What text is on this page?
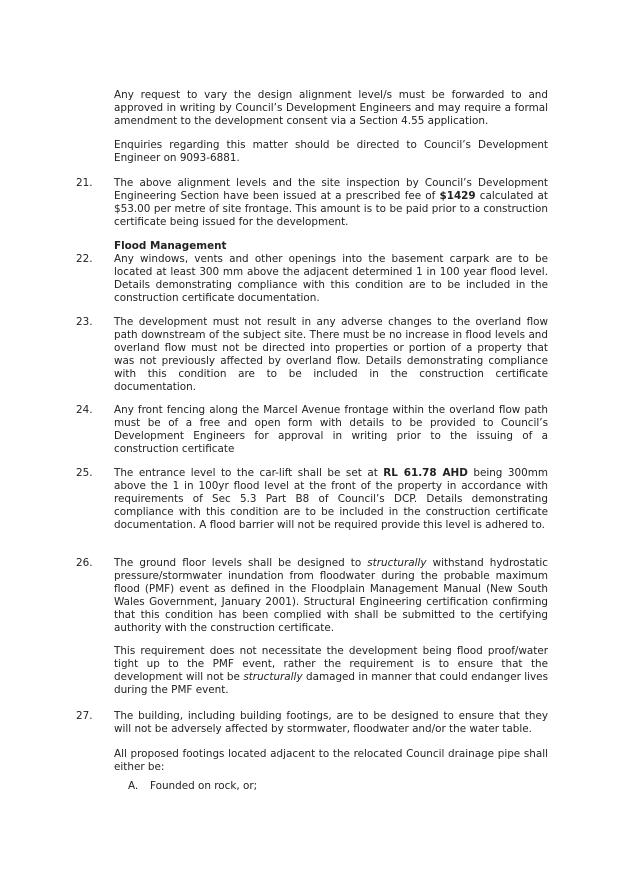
Any request to vary the design alignment level/s must be forwarded to and approved in writing by Council’s Development Engineers and may require a formal amendment to the development consent via a Section 4.55 application.

Enquiries regarding this matter should be directed to Council’s Development Engineer on 9093-6881.

21. The above alignment levels and the site inspection by Council’s Development Engineering Section have been issued at a prescribed fee of $1429 calculated at $53.00 per metre of site frontage. This amount is to be paid prior to a construction certificate being issued for the development.

Flood Management

22. Any windows, vents and other openings into the basement carpark are to be located at least 300 mm above the adjacent determined 1 in 100 year flood level. Details demonstrating compliance with this condition are to be included in the construction certificate documentation.

23. The development must not result in any adverse changes to the overland flow path downstream of the subject site. There must be no increase in flood levels and overland flow must not be directed into properties or portion of a property that was not previously affected by overland flow. Details demonstrating compliance with this condition are to be included in the construction certificate documentation.

24. Any front fencing along the Marcel Avenue frontage within the overland flow path must be of a free and open form with details to be provided to Council’s Development Engineers for approval in writing prior to the issuing of a construction certificate

25. The entrance level to the car-lift shall be set at RL 61.78 AHD being 300mm above the 1 in 100yr flood level at the front of the property in accordance with requirements of Sec 5.3 Part B8 of Council’s DCP. Details demonstrating compliance with this condition are to be included in the construction certificate documentation. A flood barrier will not be required provide this level is adhered to.

26. The ground floor levels shall be designed to structurally withstand hydrostatic pressure/stormwater inundation from floodwater during the probable maximum flood (PMF) event as defined in the Floodplain Management Manual (New South Wales Government, January 2001). Structural Engineering certification confirming that this condition has been complied with shall be submitted to the certifying authority with the construction certificate.

This requirement does not necessitate the development being flood proof/water tight up to the PMF event, rather the requirement is to ensure that the development will not be structurally damaged in manner that could endanger lives during the PMF event.

27. The building, including building footings, are to be designed to ensure that they will not be adversely affected by stormwater, floodwater and/or the water table.

All proposed footings located adjacent to the relocated Council drainage pipe shall either be:

A. Founded on rock, or;
